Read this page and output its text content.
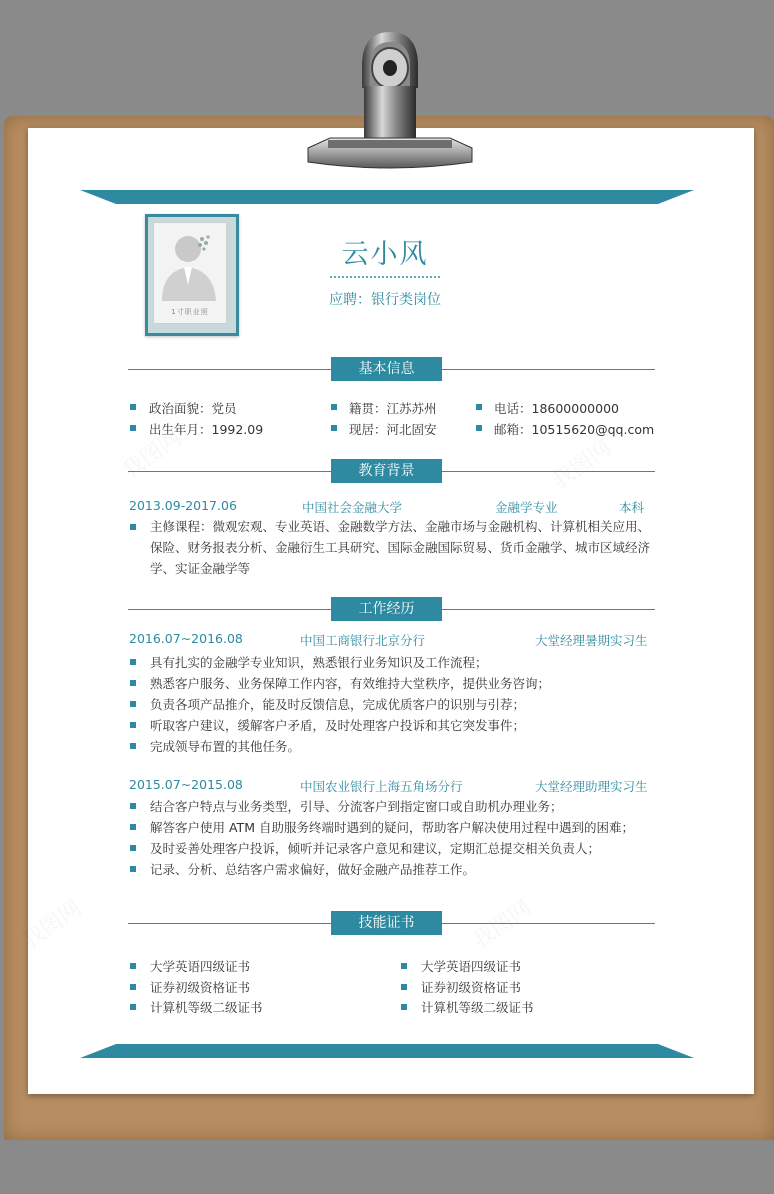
1寸职业照
云小风
应聘：银行类岗位
基本信息
政治面貌：党员	籍贯：江苏苏州	电话：18600000000
出生年月：1992.09	现居：河北固安	邮箱：10515620@qq.com
教育背景
2013.09-2017.06	中国社会金融大学	金融学专业	本科
主修课程：微观宏观、专业英语、金融数学方法、金融市场与金融机构、计算机相关应用、保险、财务报表分析、金融衍生工具研究、国际金融国际贸易、货币金融学、城市区域经济学、实证金融学等
工作经历
2016.07~2016.08	中国工商银行北京分行	大堂经理暑期实习生
具有扎实的金融学专业知识，熟悉银行业务知识及工作流程；
熟悉客户服务、业务保障工作内容，有效维持大堂秩序，提供业务咨询；
负责各项产品推介，能及时反馈信息，完成优质客户的识别与引荐；
听取客户建议，缓解客户矛盾，及时处理客户投诉和其它突发事件；
完成领导布置的其他任务。
2015.07~2015.08	中国农业银行上海五角场分行	大堂经理助理实习生
结合客户特点与业务类型，引导、分流客户到指定窗口或自助机办理业务；
解答客户使用 ATM 自助服务终端时遇到的疑问，帮助客户解决使用过程中遇到的困难；
及时妥善处理客户投诉，倾听并记录客户意见和建议，定期汇总提交相关负责人；
记录、分析、总结客户需求偏好，做好金融产品推荐工作。
技能证书
大学英语四级证书	大学英语四级证书
证券初级资格证书	证券初级资格证书
计算机等级二级证书	计算机等级二级证书
